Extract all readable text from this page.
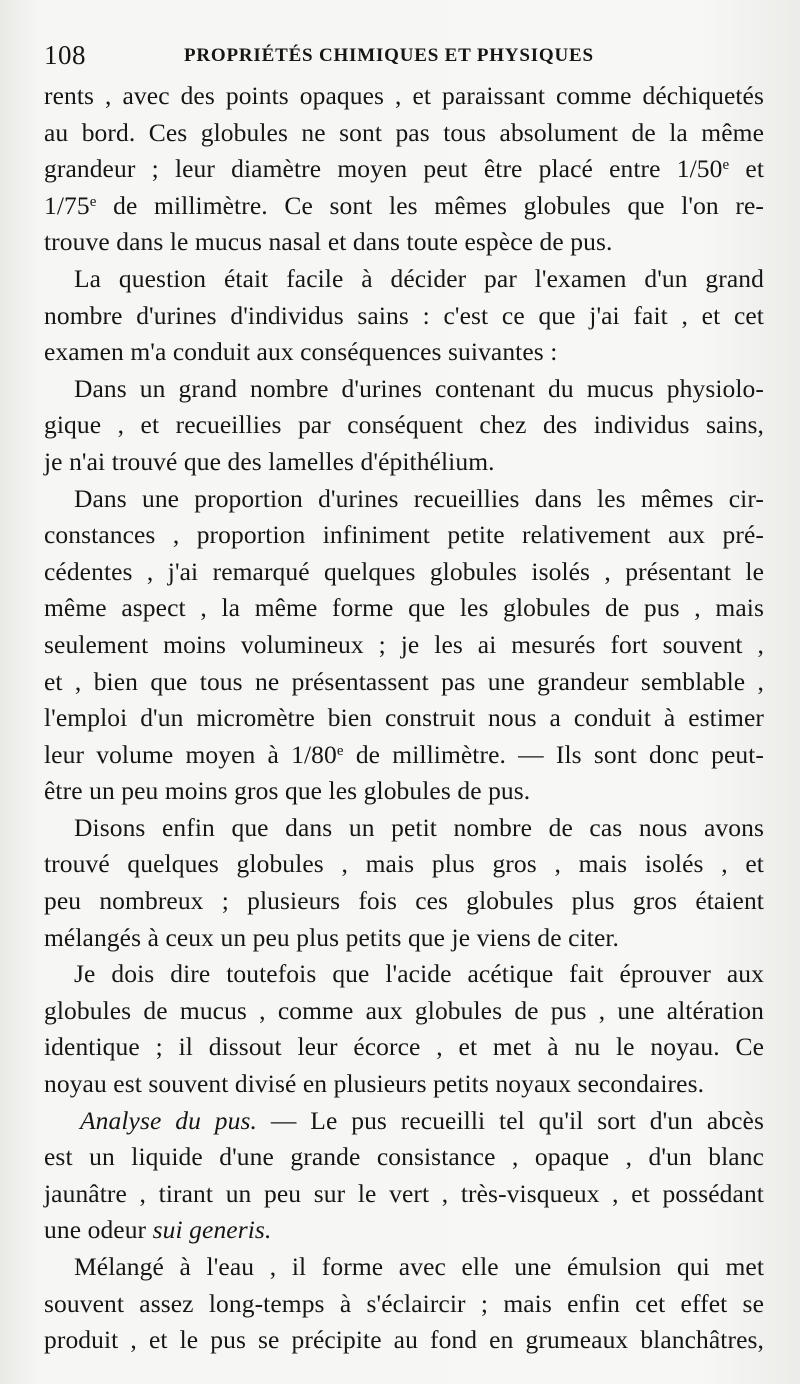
108	PROPRIÉTÉS CHIMIQUES ET PHYSIQUES
rents , avec des points opaques , et paraissant comme déchiquetés
au bord. Ces globules ne sont pas tous absolument de la même
grandeur ; leur diamètre moyen peut être placé entre 1/50e et
1/75e de millimètre. Ce sont les mêmes globules que l'on re-
trouve dans le mucus nasal et dans toute espèce de pus.
La question était facile à décider par l'examen d'un grand
nombre d'urines d'individus sains : c'est ce que j'ai fait , et cet
examen m'a conduit aux conséquences suivantes :
Dans un grand nombre d'urines contenant du mucus physiolo-
gique , et recueillies par conséquent chez des individus sains,
je n'ai trouvé que des lamelles d'épithélium.
Dans une proportion d'urines recueillies dans les mêmes cir-
constances , proportion infiniment petite relativement aux pré-
cédentes , j'ai remarqué quelques globules isolés , présentant le
même aspect , la même forme que les globules de pus , mais
seulement moins volumineux ; je les ai mesurés fort souvent ,
et , bien que tous ne présentassent pas une grandeur semblable ,
l'emploi d'un micromètre bien construit nous a conduit à estimer
leur volume moyen à 1/80e de millimètre. — Ils sont donc peut-
être un peu moins gros que les globules de pus.
Disons enfin que dans un petit nombre de cas nous avons
trouvé quelques globules , mais plus gros , mais isolés , et
peu nombreux ; plusieurs fois ces globules plus gros étaient
mélangés à ceux un peu plus petits que je viens de citer.
Je dois dire toutefois que l'acide acétique fait éprouver aux
globules de mucus , comme aux globules de pus , une altération
identique ; il dissout leur écorce , et met à nu le noyau. Ce
noyau est souvent divisé en plusieurs petits noyaux secondaires.
Analyse du pus. — Le pus recueilli tel qu'il sort d'un abcès
est un liquide d'une grande consistance , opaque , d'un blanc
jaunâtre , tirant un peu sur le vert , très-visqueux , et possédant
une odeur sui generis.
Mélangé à l'eau , il forme avec elle une émulsion qui met
souvent assez long-temps à s'éclaircir ; mais enfin cet effet se
produit , et le pus se précipite au fond en grumeaux blanchâtres,
